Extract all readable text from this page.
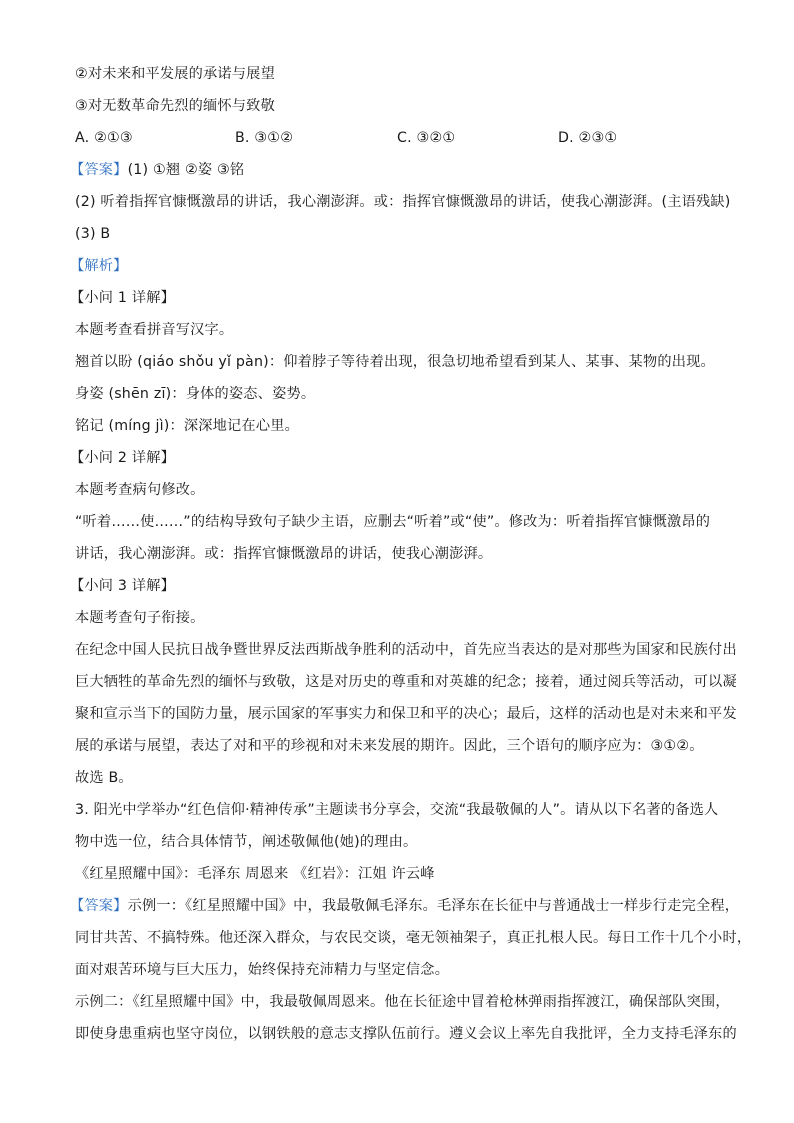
②对未来和平发展的承诺与展望
③对无数革命先烈的缅怀与致敬
A. ②①③	B. ③①②	C. ③②①	D. ②③①
【答案】(1) ①翘 ②姿 ③铭
(2) 听着指挥官慷慨激昂的讲话，我心潮澎湃。或：指挥官慷慨激昂的讲话，使我心潮澎湃。(主语残缺)
(3) B
【解析】
【小问 1 详解】
本题考查看拼音写汉字。
翘首以盼 (qiáo shǒu yǐ pàn)：仰着脖子等待着出现，很急切地希望看到某人、某事、某物的出现。
身姿 (shēn zī)：身体的姿态、姿势。
铭记 (míng jì)：深深地记在心里。
【小问 2 详解】
本题考查病句修改。
“听着……使……”的结构导致句子缺少主语，应删去“听着”或“使”。修改为：听着指挥官慷慨激昂的
讲话，我心潮澎湃。或：指挥官慷慨激昂的讲话，使我心潮澎湃。
【小问 3 详解】
本题考查句子衔接。
在纪念中国人民抗日战争暨世界反法西斯战争胜利的活动中，首先应当表达的是对那些为国家和民族付出
巨大牺牲的革命先烈的缅怀与致敬，这是对历史的尊重和对英雄的纪念；接着，通过阅兵等活动，可以凝
聚和宣示当下的国防力量，展示国家的军事实力和保卫和平的决心；最后，这样的活动也是对未来和平发
展的承诺与展望，表达了对和平的珍视和对未来发展的期许。因此，三个语句的顺序应为：③①②。
故选 B。
3. 阳光中学举办“红色信仰·精神传承”主题读书分享会，交流“我最敬佩的人”。请从以下名著的备选人
物中选一位，结合具体情节，阐述敬佩他(她)的理由。
《红星照耀中国》：毛泽东 周恩来 《红岩》：江姐 许云峰
【答案】示例一：《红星照耀中国》中，我最敬佩毛泽东。毛泽东在长征中与普通战士一样步行走完全程，
同甘共苦、不搞特殊。他还深入群众，与农民交谈，毫无领袖架子，真正扎根人民。每日工作十几个小时，
面对艰苦环境与巨大压力，始终保持充沛精力与坚定信念。
示例二：《红星照耀中国》中，我最敬佩周恩来。他在长征途中冒着枪林弹雨指挥渡江，确保部队突围，
即使身患重病也坚守岗位，以钢铁般的意志支撑队伍前行。遵义会议上率先自我批评，全力支持毛泽东的
